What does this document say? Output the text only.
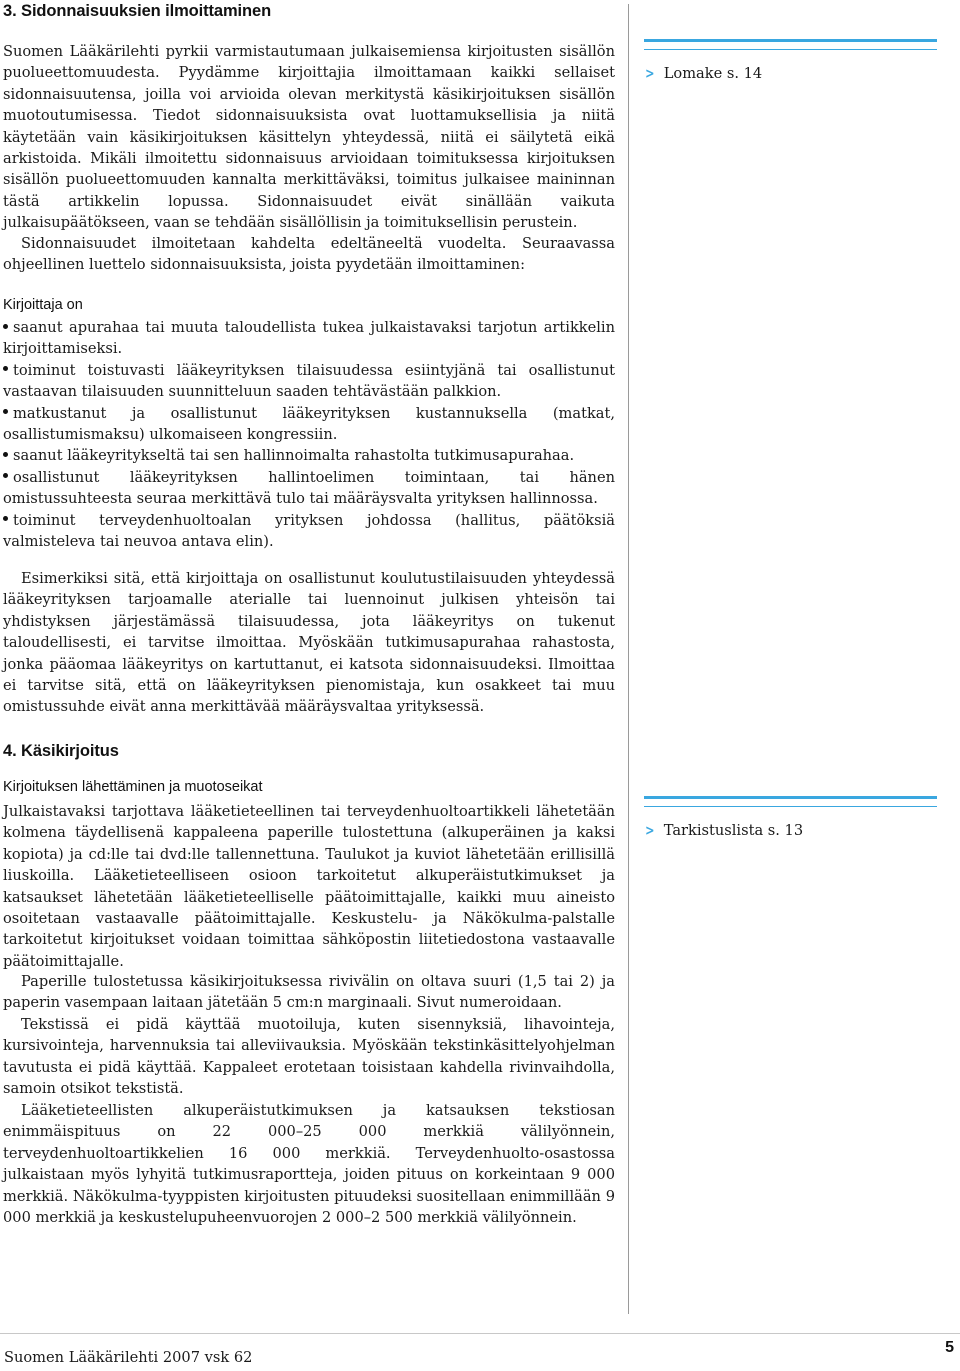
3. Sidonnaisuuksien ilmoittaminen

Suomen Lääkärilehti pyrkii varmistautumaan julkaisemiensa kirjoitusten sisällön puolueettomuudesta. Pyydämme kirjoittajia ilmoittamaan kaikki sellaiset sidonnaisuutensa, joilla voi arvioida olevan merkitystä käsikirjoituksen sisällön muotoutumisessa. Tiedot sidonnaisuuksista ovat luottamuksellisia ja niitä käytetään vain käsikirjoituksen käsittelyn yhteydessä, niitä ei säilytetä eikä arkistoida. Mikäli ilmoitettu sidonnaisuus arvioidaan toimituksessa kirjoituksen sisällön puolueettomuuden kannalta merkittäväksi, toimitus julkaisee maininnan tästä artikkelin lopussa. Sidonnaisuudet eivät sinällään vaikuta julkaisupäätökseen, vaan se tehdään sisällöllisin ja toimituksellisin perustein.

Sidonnaisuudet ilmoitetaan kahdelta edeltäneeltä vuodelta. Seuraavassa ohjeellinen luettelo sidonnaisuuksista, joista pyydetään ilmoittaminen:

Kirjoittaja on
saanut apurahaa tai muuta taloudellista tukea julkaistavaksi tarjotun artikkelin kirjoittamiseksi.
toiminut toistuvasti lääkeyrityksen tilaisuudessa esiintyjänä tai osallistunut vastaavan tilaisuuden suunnitteluun saaden tehtävästään palkkion.
matkustanut ja osallistunut lääkeyrityksen kustannuksella (matkat, osallistumismaksu) ulkomaiseen kongressiin.
saanut lääkeyritykseltä tai sen hallinnoimalta rahastolta tutkimusapurahaa.
osallistunut lääkeyrityksen hallintoelimen toimintaan, tai hänen omistussuhteesta seuraa merkittävä tulo tai määräysvalta yrityksen hallinnossa.
toiminut terveydenhuoltoalan yrityksen johdossa (hallitus, päätöksiä valmisteleva tai neuvoa antava elin).

Esimerkiksi sitä, että kirjoittaja on osallistunut koulutustilaisuuden yhteydessä lääkeyrityksen tarjoamalle aterialle tai luennoinut julkisen yhteisön tai yhdistyksen järjestämässä tilaisuudessa, jota lääkeyritys on tukenut taloudellisesti, ei tarvitse ilmoittaa. Myöskään tutkimusapurahaa rahastosta, jonka pääomaa lääkeyritys on kartuttanut, ei katsota sidonnaisuudeksi. Ilmoittaa ei tarvitse sitä, että on lääkeyrityksen pienomistaja, kun osakkeet tai muu omistussuhde eivät anna merkittävää määräysvaltaa yrityksessä.

4. Käsikirjoitus
Kirjoituksen lähettäminen ja muotoseikat

Julkaistavaksi tarjottava lääketieteellinen tai terveydenhuoltoartikkeli lähetetään kolmena täydellisenä kappaleena paperille tulostettuna (alkuperäinen ja kaksi kopiota) ja cd:lle tai dvd:lle tallennettuna. Taulukot ja kuviot lähetetään erillisillä liuskoilla. Lääketieteelliseen osioon tarkoitetut alkuperäistutkimukset ja katsaukset lähetetään lääketieteelliselle päätoimittajalle, kaikki muu aineisto osoitetaan vastaavalle päätoimittajalle. Keskustelu- ja Näkökulma-palstalle tarkoitetut kirjoitukset voidaan toimittaa sähköpostin liitetiedostona vastaavalle päätoimittajalle.

Paperille tulostetussa käsikirjoituksessa rivivälin on oltava suuri (1,5 tai 2) ja paperin vasempaan laitaan jätetään 5 cm:n marginaali. Sivut numeroidaan.

Tekstissä ei pidä käyttää muotoiluja, kuten sisennyksiä, lihavointeja, kursivointeja, harvennuksia tai alleviivauksia. Myöskään tekstinkäsittelyohjelman tavutusta ei pidä käyttää. Kappaleet erotetaan toisistaan kahdella rivinvaihdolla, samoin otsikot tekstistä.

Lääketieteellisten alkuperäistutkimuksen ja katsauksen tekstiosan enimmäispituus on 22 000–25 000 merkkiä välilyönnein, terveydenhuoltoartikkelien 16 000 merkkiä. Terveydenhuolto-osastossa julkaistaan myös lyhyitä tutkimusraportteja, joiden pituus on korkeintaan 9 000 merkkiä. Näkökulma-tyyppisten kirjoitusten pituudeksi suositellaan enimmillään 9 000 merkkiä ja keskustelupuheenvuorojen 2 000–2 500 merkkiä välilyönnein.

> Lomake s. 14
> Tarkistuslista s. 13
Suomen Lääkärilehti 2007 vsk 62
5
